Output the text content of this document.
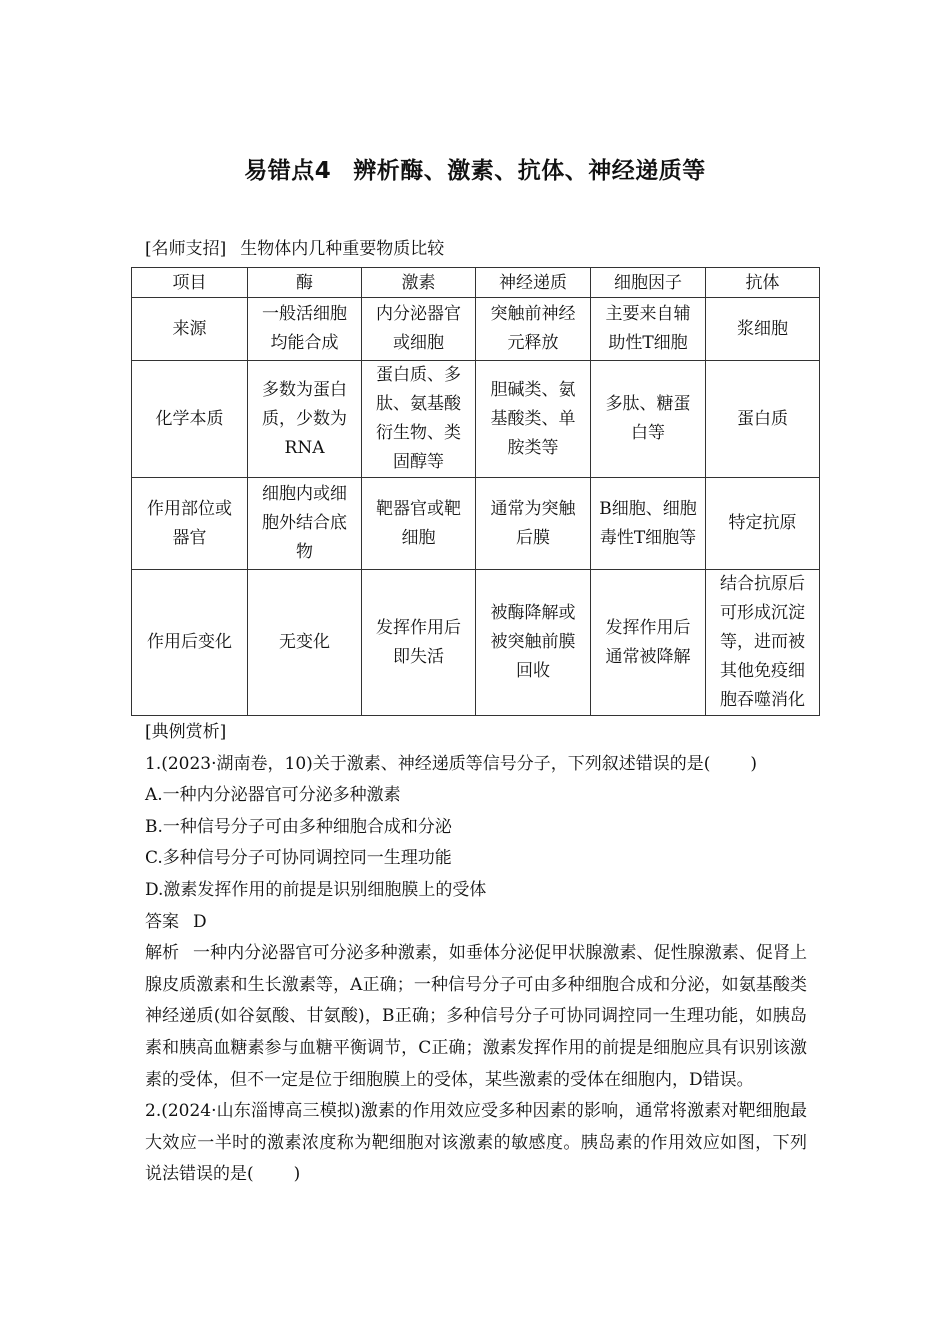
易错点4 辨析酶、激素、抗体、神经递质等
[名师支招] 生物体内几种重要物质比较
项目	酶	激素	神经递质	细胞因子	抗体
来源	一般活细胞均能合成	内分泌器官或细胞	突触前神经元释放	主要来自辅助性T细胞	浆细胞
化学本质	多数为蛋白质，少数为RNA	蛋白质、多肽、氨基酸衍生物、类固醇等	胆碱类、氨基酸类、单胺类等	多肽、糖蛋白等	蛋白质
作用部位或器官	细胞内或细胞外结合底物	靶器官或靶细胞	通常为突触后膜	B细胞、细胞毒性T细胞等	特定抗原
作用后变化	无变化	发挥作用后即失活	被酶降解或被突触前膜回收	发挥作用后通常被降解	结合抗原后可形成沉淀等，进而被其他免疫细胞吞噬消化

[典例赏析]

1.(2023·湖南卷，10)关于激素、神经递质等信号分子，下列叙述错误的是( )

A.一种内分泌器官可分泌多种激素

B.一种信号分子可由多种细胞合成和分泌

C.多种信号分子可协同调控同一生理功能

D.激素发挥作用的前提是识别细胞膜上的受体

答案 D

解析 一种内分泌器官可分泌多种激素，如垂体分泌促甲状腺激素、促性腺激素、促肾上腺皮质激素和生长激素等，A正确；一种信号分子可由多种细胞合成和分泌，如氨基酸类神经递质(如谷氨酸、甘氨酸)，B正确；多种信号分子可协同调控同一生理功能，如胰岛素和胰高血糖素参与血糖平衡调节，C正确；激素发挥作用的前提是细胞应具有识别该激素的受体，但不一定是位于细胞膜上的受体，某些激素的受体在细胞内，D错误。

2.(2024·山东淄博高三模拟)激素的作用效应受多种因素的影响，通常将激素对靶细胞最大效应一半时的激素浓度称为靶细胞对该激素的敏感度。胰岛素的作用效应如图，下列说法错误的是( )
